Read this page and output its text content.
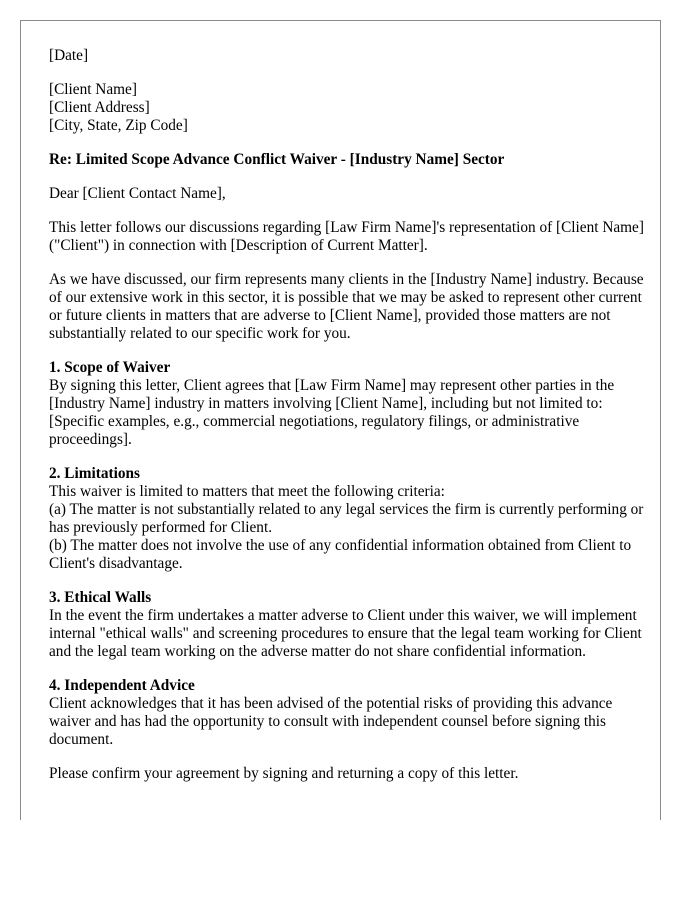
[Date]

[Client Name]

[Client Address]

[City, State, Zip Code]

Re: Limited Scope Advance Conflict Waiver - [Industry Name] Sector

Dear [Client Contact Name],

This letter follows our discussions regarding [Law Firm Name]'s representation of [Client Name] ("Client") in connection with [Description of Current Matter].

As we have discussed, our firm represents many clients in the [Industry Name] industry. Because of our extensive work in this sector, it is possible that we may be asked to represent other current or future clients in matters that are adverse to [Client Name], provided those matters are not substantially related to our specific work for you.

1. Scope of Waiver

By signing this letter, Client agrees that [Law Firm Name] may represent other parties in the [Industry Name] industry in matters involving [Client Name], including but not limited to: [Specific examples, e.g., commercial negotiations, regulatory filings, or administrative proceedings].

2. Limitations

This waiver is limited to matters that meet the following criteria:

(a) The matter is not substantially related to any legal services the firm is currently performing or has previously performed for Client.

(b) The matter does not involve the use of any confidential information obtained from Client to Client's disadvantage.

3. Ethical Walls

In the event the firm undertakes a matter adverse to Client under this waiver, we will implement internal "ethical walls" and screening procedures to ensure that the legal team working for Client and the legal team working on the adverse matter do not share confidential information.

4. Independent Advice

Client acknowledges that it has been advised of the potential risks of providing this advance waiver and has had the opportunity to consult with independent counsel before signing this document.

Please confirm your agreement by signing and returning a copy of this letter.
